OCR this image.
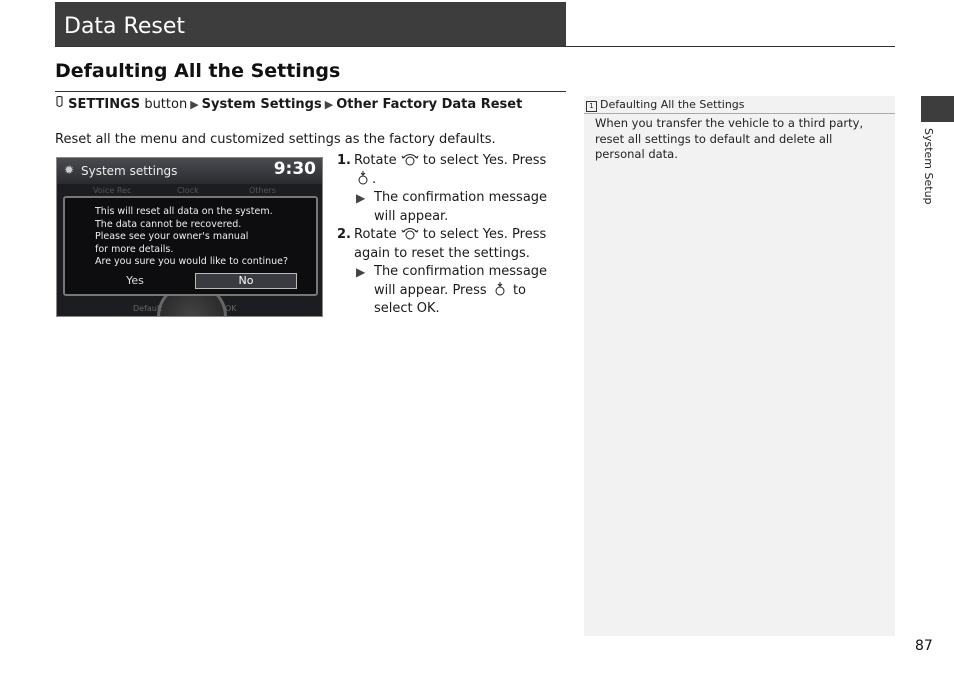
Data Reset
Defaulting All the Settings
SETTINGS button ▶ System Settings ▶ Other Factory Data Reset
Reset all the menu and customized settings as the factory defaults.
✹ System settings	9:30
Voice Rec	Clock	Others
This will reset all data on the system.
The data cannot be recovered.
Please see your owner's manual
for more details.
Are you sure you would like to continue?
Yes	No
Default	OK
1. Rotate to select Yes. Press
.
▶ The confirmation message will appear.
2. Rotate to select Yes. Press again to reset the settings.
▶ The confirmation message will appear. Press to select OK.
1 Defaulting All the Settings
When you transfer the vehicle to a third party, reset all settings to default and delete all personal data.	System Setup
87
